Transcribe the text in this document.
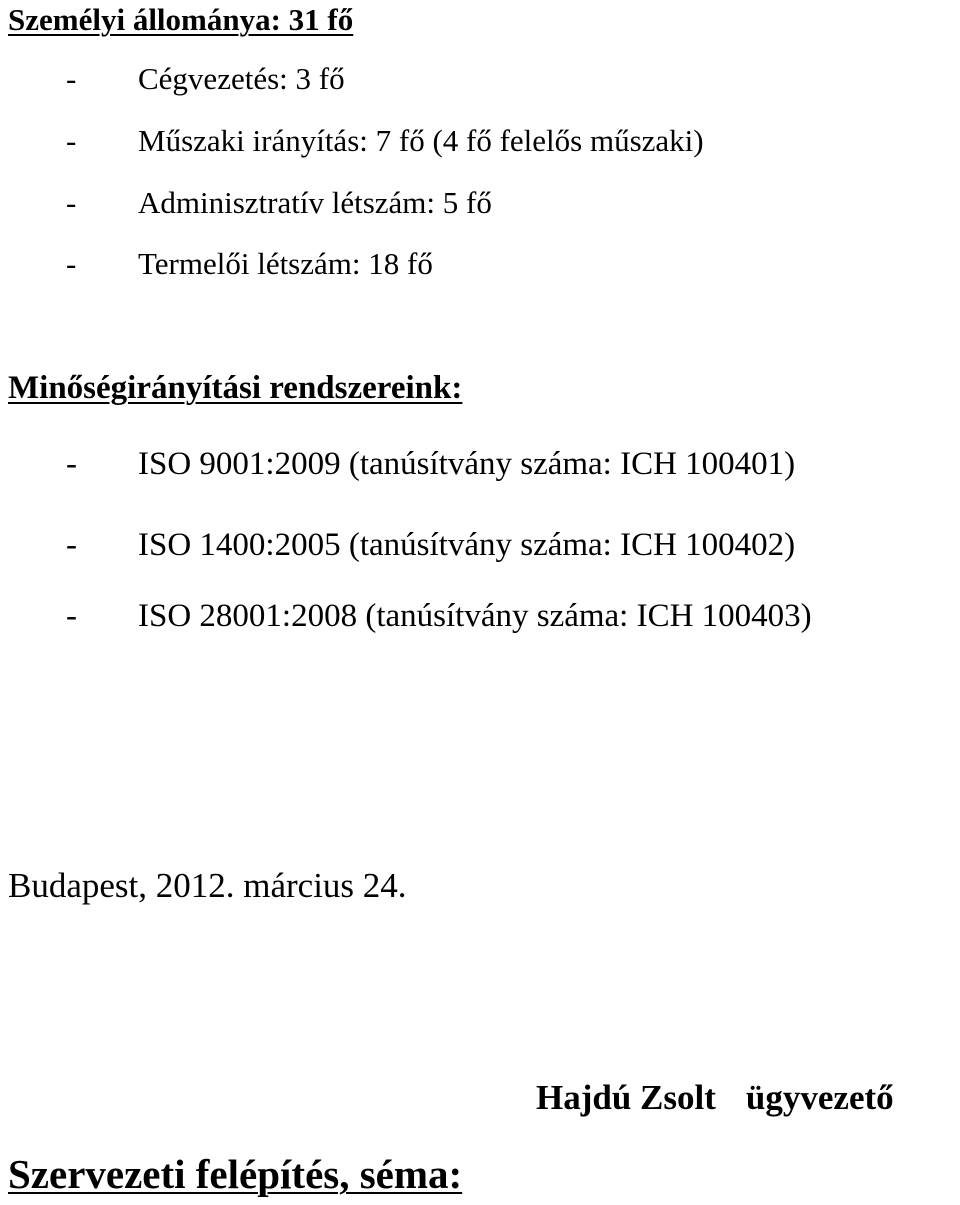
Személyi állománya: 31 fő
- Cégvezetés: 3 fő
- Műszaki irányítás: 7 fő (4 fő felelős műszaki)
- Adminisztratív létszám: 5 fő
- Termelői létszám: 18 fő
Minőségirányítási rendszereink:
- ISO 9001:2009 (tanúsítvány száma: ICH 100401)
- ISO 1400:2005 (tanúsítvány száma: ICH 100402)
- ISO 28001:2008 (tanúsítvány száma: ICH 100403)

Budapest, 2012. március 24.

Hajdú Zsolt ügyvezető
Szervezeti felépítés, séma:
